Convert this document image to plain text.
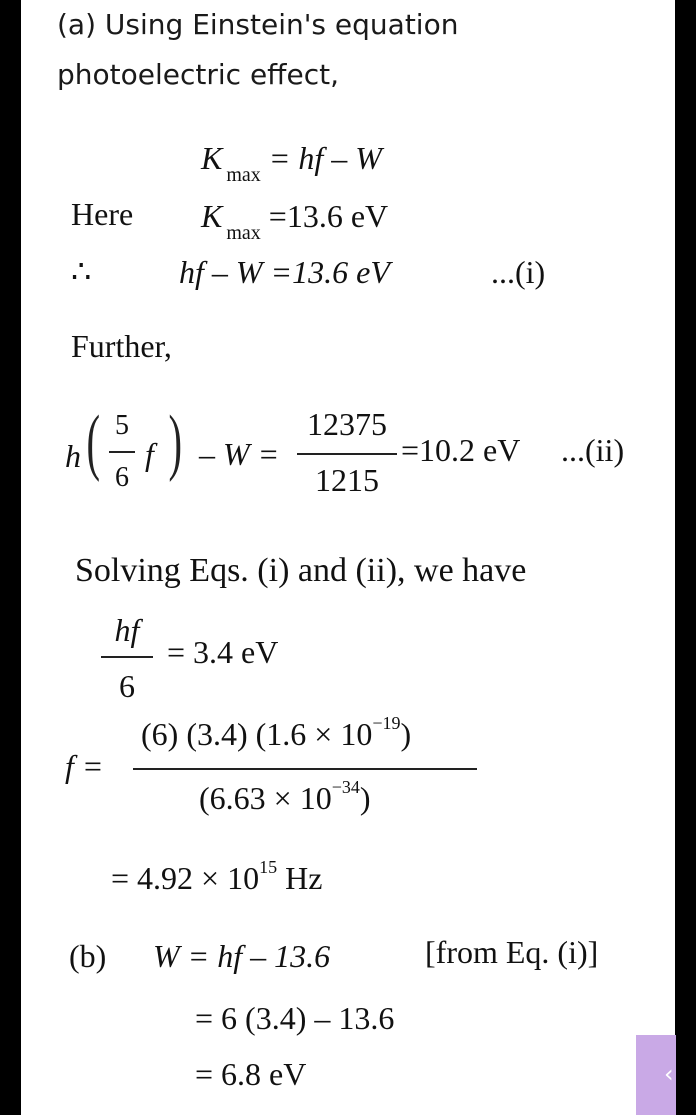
(a) Using Einstein's equation
photoelectric effect,
K $_{max}$ = hf – W
Here K $_{max}$ =13.6 eV
∴	hf – W =13.6 eV	...(i)
Further,
h ( 5
6
f ) – W =
12375
1215
=10.2 eV ...(ii)
Solving Eqs. (i) and (ii), we have
hf
6
= 3.4 eV
f =
(6) (3.4) $(1.6 \times 10^{-19})$
$(6.63 \times 10^{-34})$
= $4.92 \times 10^{15}$ Hz
(b) W = hf – 13.6	[from Eq. (i)]
= 6 (3.4) – 13.6
= 6.8 eV	‹
